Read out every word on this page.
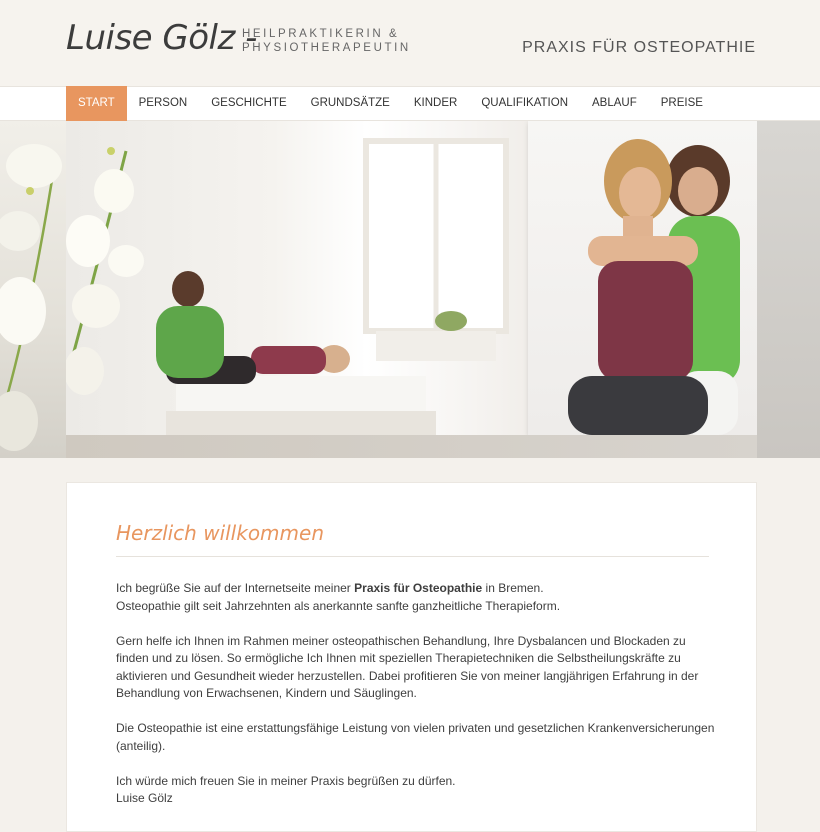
Luise Gölz -
HEILPRAKTIKERIN &
PHYSIOTHERAPEUTIN	PRAXIS FÜR OSTEOPATHIE
START	PERSON	GESCHICHTE	GRUNDSÄTZE	KINDER	QUALIFIKATION	ABLAUF	PREISE
Herzlich willkommen

Ich begrüße Sie auf der Internetseite meiner Praxis für Osteopathie in Bremen.
Osteopathie gilt seit Jahrzehnten als anerkannte sanfte ganzheitliche Therapieform.

Gern helfe ich Ihnen im Rahmen meiner osteopathischen Behandlung, Ihre Dysbalancen und Blockaden zu finden und zu lösen. So ermögliche Ich Ihnen mit speziellen Therapietechniken die Selbstheilungskräfte zu aktivieren und Gesundheit wieder herzustellen. Dabei profitieren Sie von meiner langjährigen Erfahrung in der Behandlung von Erwachsenen, Kindern und Säuglingen.

Die Osteopathie ist eine erstattungsfähige Leistung von vielen privaten und gesetzlichen Krankenversicherungen (anteilig).

Ich würde mich freuen Sie in meiner Praxis begrüßen zu dürfen.
Luise Gölz
